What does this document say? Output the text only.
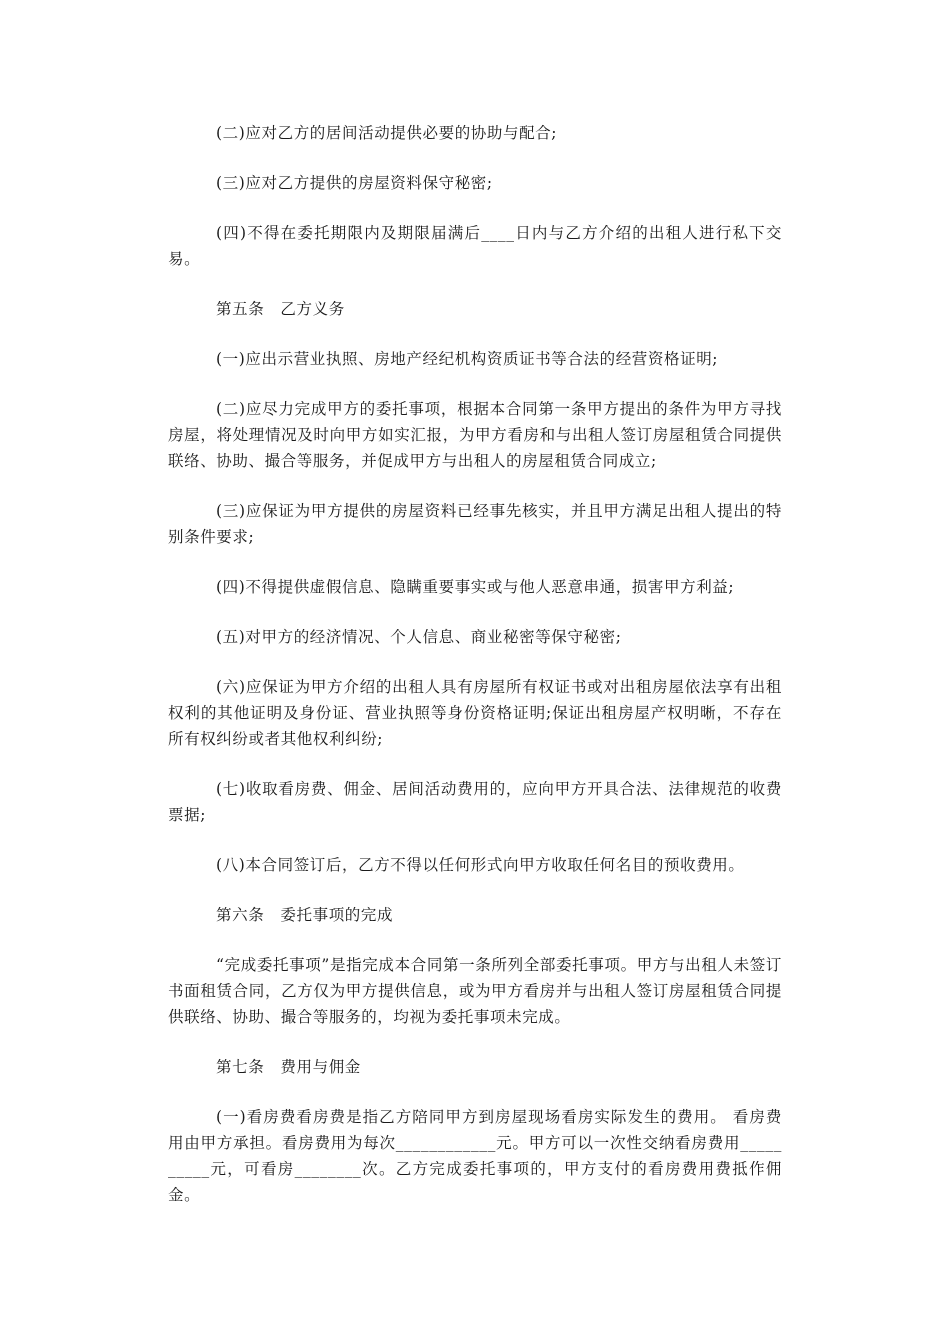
(二)应对乙方的居间活动提供必要的协助与配合;

(三)应对乙方提供的房屋资料保守秘密;

(四)不得在委托期限内及期限届满后____日内与乙方介绍的出租人进行私下交易。

第五条　乙方义务

(一)应出示营业执照、房地产经纪机构资质证书等合法的经营资格证明;

(二)应尽力完成甲方的委托事项，根据本合同第一条甲方提出的条件为甲方寻找房屋，将处理情况及时向甲方如实汇报，为甲方看房和与出租人签订房屋租赁合同提供联络、协助、撮合等服务，并促成甲方与出租人的房屋租赁合同成立;

(三)应保证为甲方提供的房屋资料已经事先核实，并且甲方满足出租人提出的特别条件要求;

(四)不得提供虚假信息、隐瞒重要事实或与他人恶意串通，损害甲方利益;

(五)对甲方的经济情况、个人信息、商业秘密等保守秘密;

(六)应保证为甲方介绍的出租人具有房屋所有权证书或对出租房屋依法享有出租权利的其他证明及身份证、营业执照等身份资格证明;保证出租房屋产权明晰，不存在所有权纠纷或者其他权利纠纷;

(七)收取看房费、佣金、居间活动费用的，应向甲方开具合法、法律规范的收费票据;

(八)本合同签订后，乙方不得以任何形式向甲方收取任何名目的预收费用。

第六条　委托事项的完成

“完成委托事项”是指完成本合同第一条所列全部委托事项。甲方与出租人未签订书面租赁合同，乙方仅为甲方提供信息，或为甲方看房并与出租人签订房屋租赁合同提供联络、协助、撮合等服务的，均视为委托事项未完成。

第七条　费用与佣金

(一)看房费看房费是指乙方陪同甲方到房屋现场看房实际发生的费用。 看房费用由甲方承担。看房费用为每次____________元。甲方可以一次性交纳看房费用__________元，可看房________次。乙方完成委托事项的，甲方支付的看房费用费抵作佣金。
